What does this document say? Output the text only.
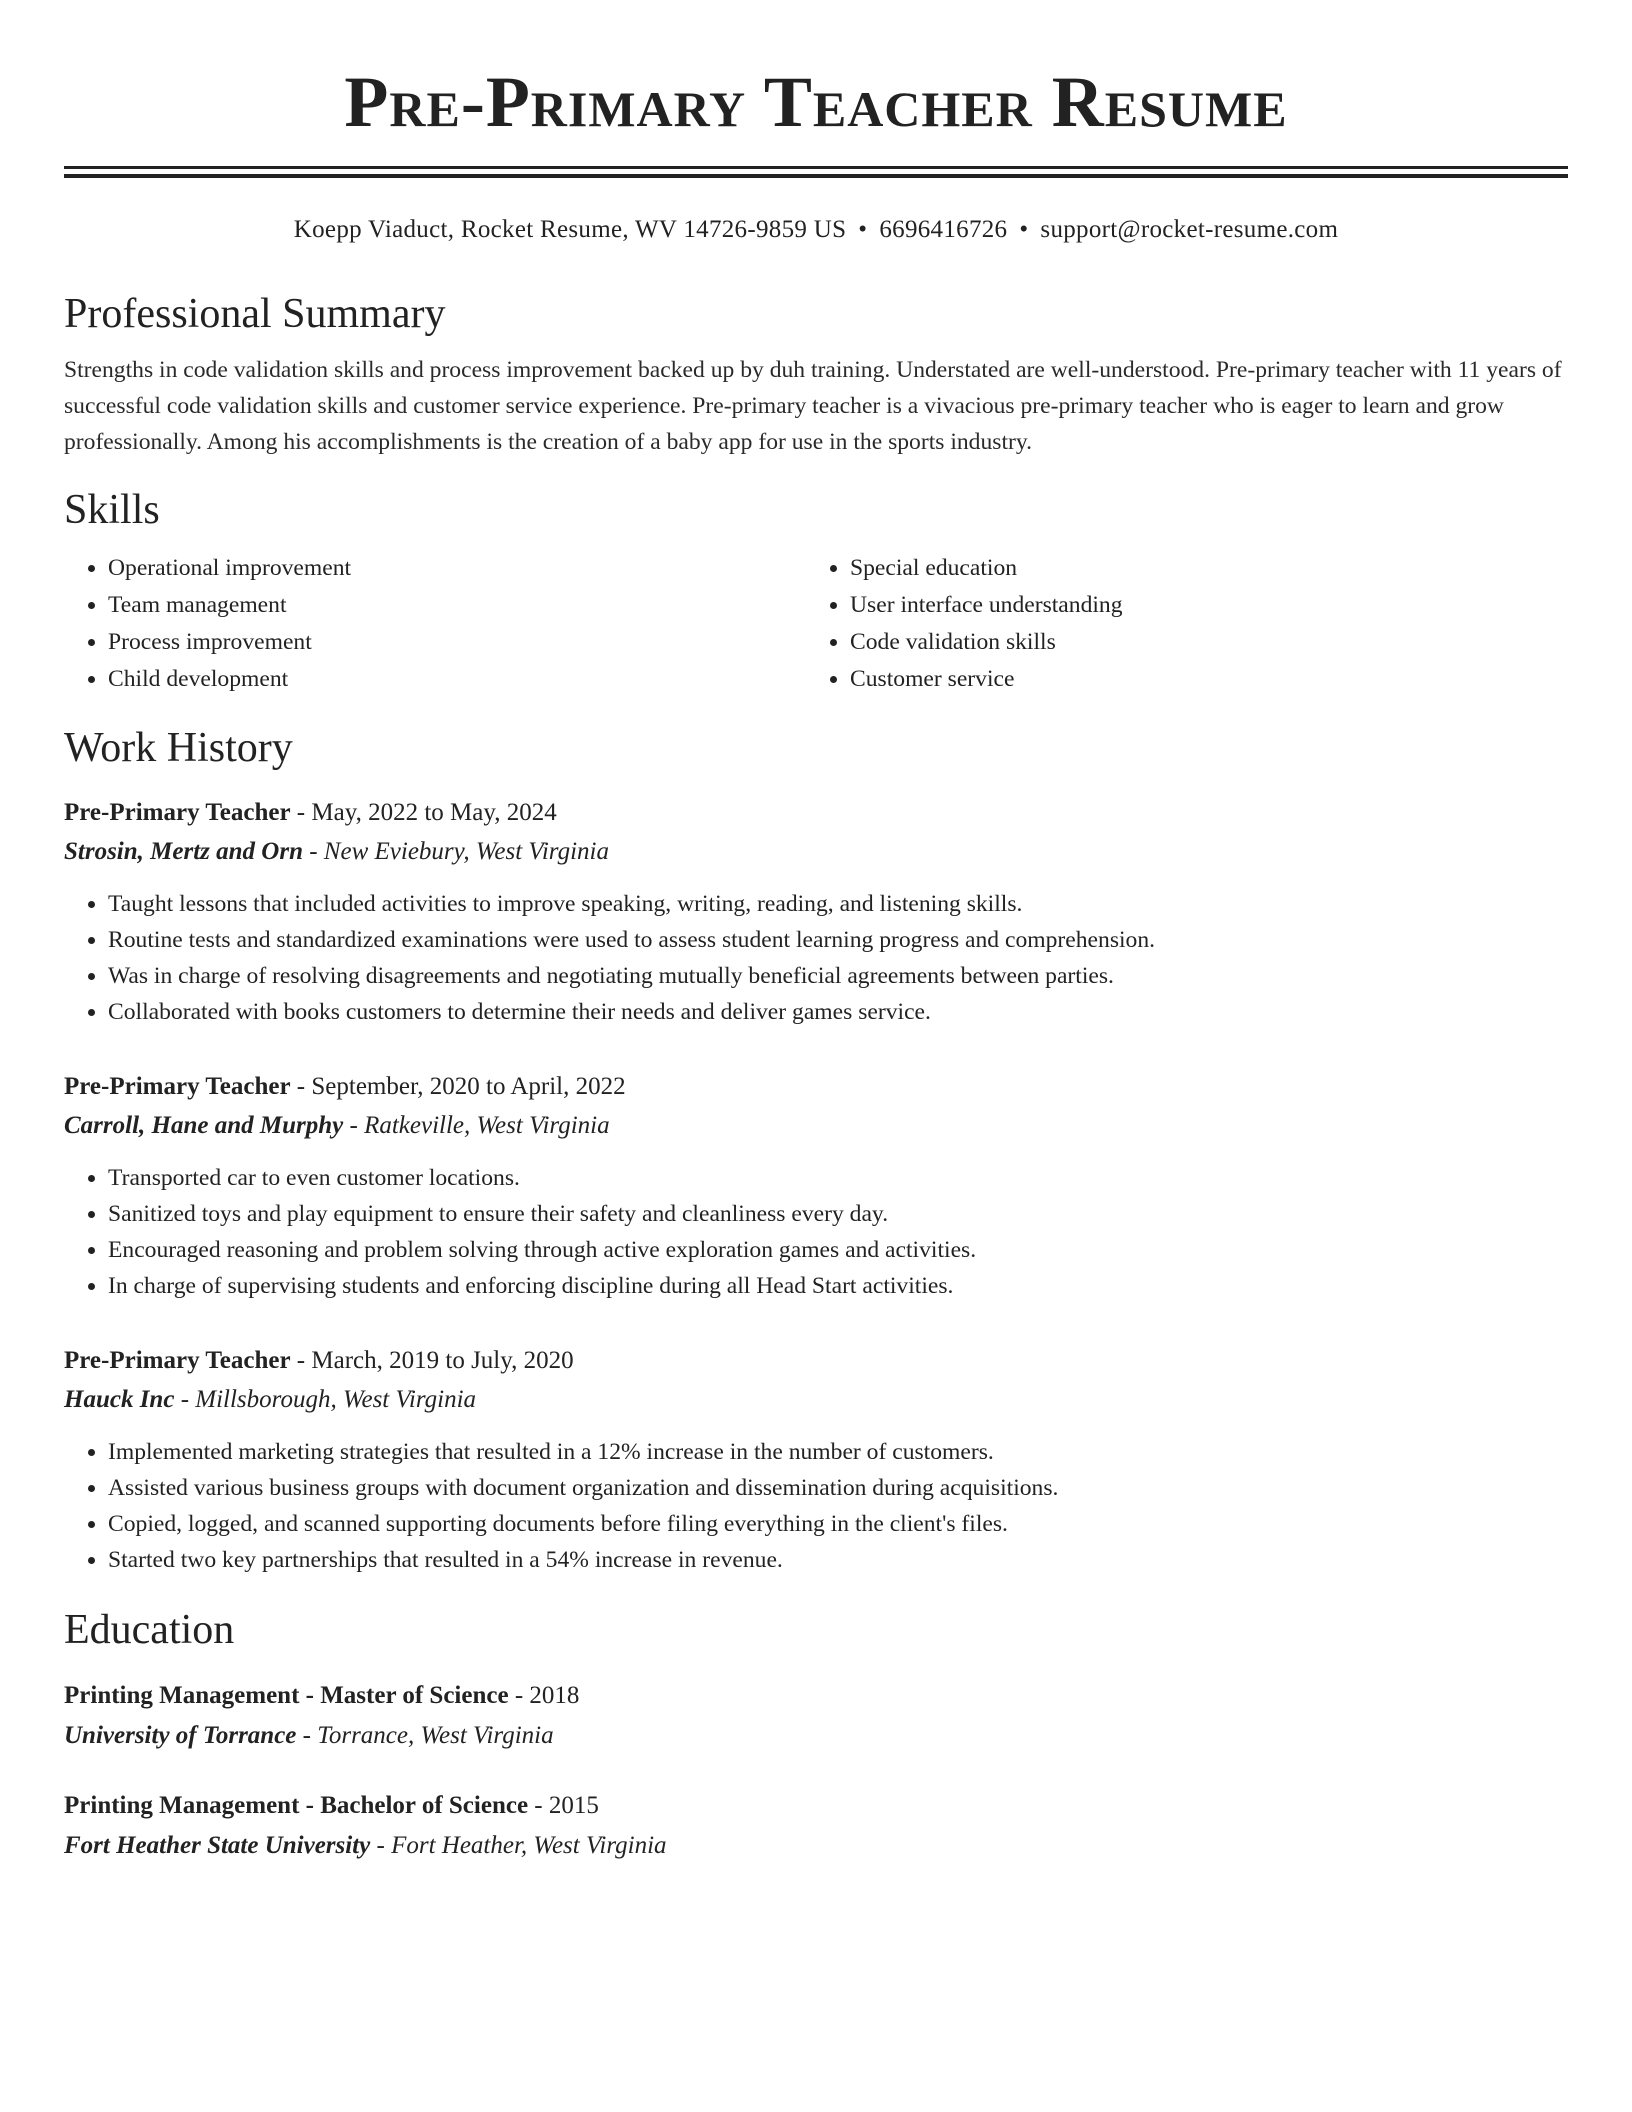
Pre-Primary Teacher Resume
Koepp Viaduct, Rocket Resume, WV 14726-9859 US • 6696416726 • support@rocket-resume.com
Professional Summary
Strengths in code validation skills and process improvement backed up by duh training. Understated are well-understood. Pre-primary teacher with 11 years of successful code validation skills and customer service experience. Pre-primary teacher is a vivacious pre-primary teacher who is eager to learn and grow professionally. Among his accomplishments is the creation of a baby app for use in the sports industry.
Skills
• Operational improvement
• Team management
• Process improvement
• Child development
• Special education
• User interface understanding
• Code validation skills
• Customer service
Work History
Pre-Primary Teacher - May, 2022 to May, 2024
Strosin, Mertz and Orn - New Eviebury, West Virginia
• Taught lessons that included activities to improve speaking, writing, reading, and listening skills.
• Routine tests and standardized examinations were used to assess student learning progress and comprehension.
• Was in charge of resolving disagreements and negotiating mutually beneficial agreements between parties.
• Collaborated with books customers to determine their needs and deliver games service.
Pre-Primary Teacher - September, 2020 to April, 2022
Carroll, Hane and Murphy - Ratkeville, West Virginia
• Transported car to even customer locations.
• Sanitized toys and play equipment to ensure their safety and cleanliness every day.
• Encouraged reasoning and problem solving through active exploration games and activities.
• In charge of supervising students and enforcing discipline during all Head Start activities.
Pre-Primary Teacher - March, 2019 to July, 2020
Hauck Inc - Millsborough, West Virginia
• Implemented marketing strategies that resulted in a 12% increase in the number of customers.
• Assisted various business groups with document organization and dissemination during acquisitions.
• Copied, logged, and scanned supporting documents before filing everything in the client's files.
• Started two key partnerships that resulted in a 54% increase in revenue.
Education
Printing Management - Master of Science - 2018
University of Torrance - Torrance, West Virginia
Printing Management - Bachelor of Science - 2015
Fort Heather State University - Fort Heather, West Virginia
